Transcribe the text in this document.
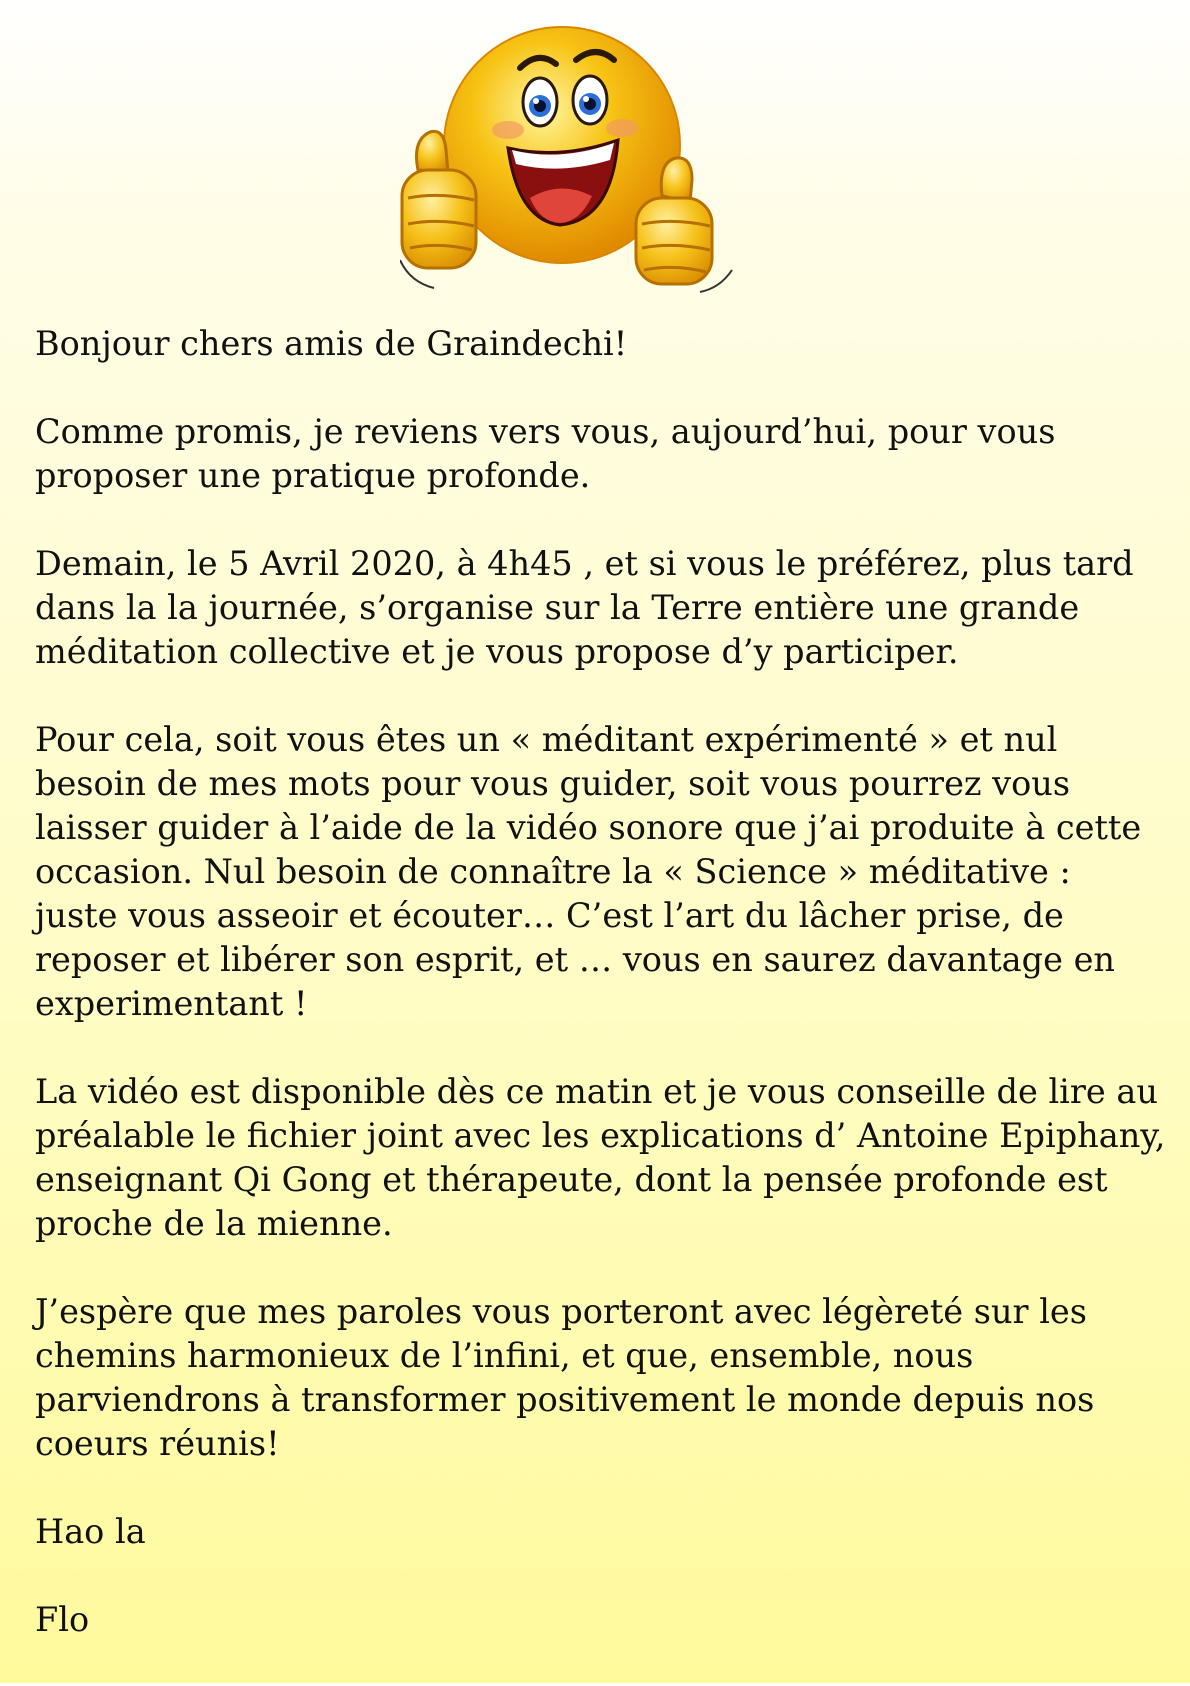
Bonjour chers amis de Graindechi!
Comme promis, je reviens vers vous, aujourd’hui, pour vous
proposer une pratique profonde.
Demain, le 5 Avril 2020, à 4h45 , et si vous le préférez, plus tard
dans la la journée, s’organise sur la Terre entière une grande
méditation collective et je vous propose d’y participer.
Pour cela, soit vous êtes un « méditant expérimenté » et nul
besoin de mes mots pour vous guider, soit vous pourrez vous
laisser guider à l’aide de la vidéo sonore que j’ai produite à cette
occasion. Nul besoin de connaître la « Science » méditative :
juste vous asseoir et écouter… C’est l’art du lâcher prise, de
reposer et libérer son esprit, et … vous en saurez davantage en
experimentant !
La vidéo est disponible dès ce matin et je vous conseille de lire au
préalable le fichier joint avec les explications d’ Antoine Epiphany,
enseignant Qi Gong et thérapeute, dont la pensée profonde est
proche de la mienne.
J’espère que mes paroles vous porteront avec légèreté sur les
chemins harmonieux de l’infini, et que, ensemble, nous
parviendrons à transformer positivement le monde depuis nos
coeurs réunis!
Hao la
Flo
